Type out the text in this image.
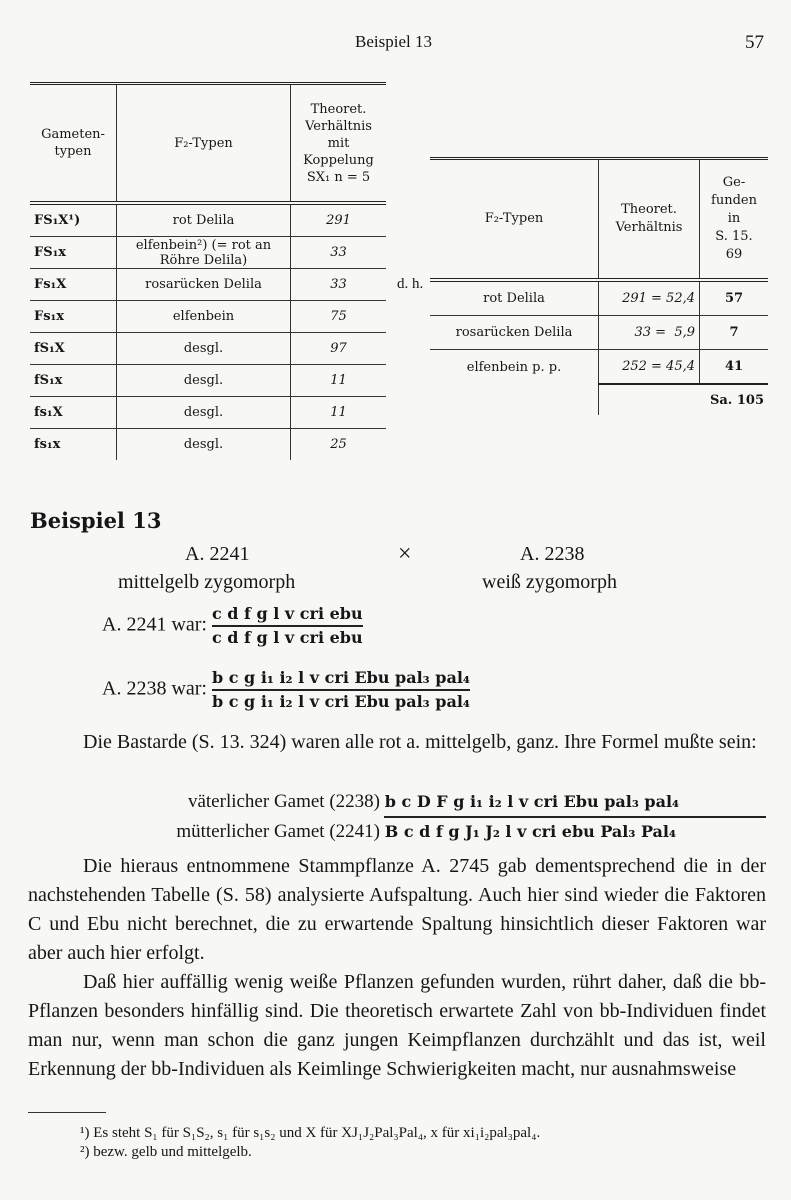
Beispiel 13	57
Gameten-
typen	F₂-Typen	Theoret.
Verhältnis
mit
Koppelung
SX₁ n = 5
FS₁X¹)	rot Delila	291
FS₁x	elfenbein²) (= rot an Röhre Delila)	33
Fs₁X	rosarücken Delila	33
Fs₁x	elfenbein	75
fS₁X	desgl.	97
fS₁x	desgl.	11
fs₁X	desgl.	11
fs₁x	desgl.	25
d. h.
F₂-Typen	Theoret.
Verhältnis	Ge-
funden
in
S. 15.
69
rot Delila	291 = 52,4	57
rosarücken Delila	33 =  5,9	7
elfenbein p. p.	252 = 45,4	41
	Sa. 105	
Beispiel 13
A. 2241
mittelgelb zygomorph
×	A. 2238
weiß zygomorph
A. 2241 war: $\frac{\text{c d f g l v cri ebu}}{\text{c d f g l v cri ebu}}$
A. 2238 war: $\frac{\text{b c g i₁ i₂ l v cri Ebu pal₃ pal₄}}{\text{b c g i₁ i₂ l v cri Ebu pal₃ pal₄}}$
Die Bastarde (S. 13. 324) waren alle rot a. mittelgelb, ganz. Ihre Formel mußte sein:
väterlicher Gamet (2238) b c D F g i₁ i₂ l v cri Ebu pal₃ pal₄
mütterlicher Gamet (2241) B c d f g J₁ J₂ l v cri ebu Pal₃ Pal₄
Die hieraus entnommene Stammpflanze A. 2745 gab dementsprechend die in der nachstehenden Tabelle (S. 58) analysierte Aufspaltung. Auch hier sind wieder die Faktoren C und Ebu nicht berechnet, die zu erwartende Spaltung hinsichtlich dieser Faktoren war aber auch hier erfolgt.
Daß hier auffällig wenig weiße Pflanzen gefunden wurden, rührt daher, daß die bb-Pflanzen besonders hinfällig sind. Die theoretisch erwartete Zahl von bb-Individuen findet man nur, wenn man schon die ganz jungen Keimpflanzen durchzählt und das ist, weil Erkennung der bb-Individuen als Keimlinge Schwierigkeiten macht, nur ausnahmsweise
¹) Es steht S₁ für S₁S₂, s₁ für s₁s₂ und X für XJ₁J₂Pal₃Pal₄, x für xi₁i₂pal₃pal₄.
²) bezw. gelb und mittelgelb.
